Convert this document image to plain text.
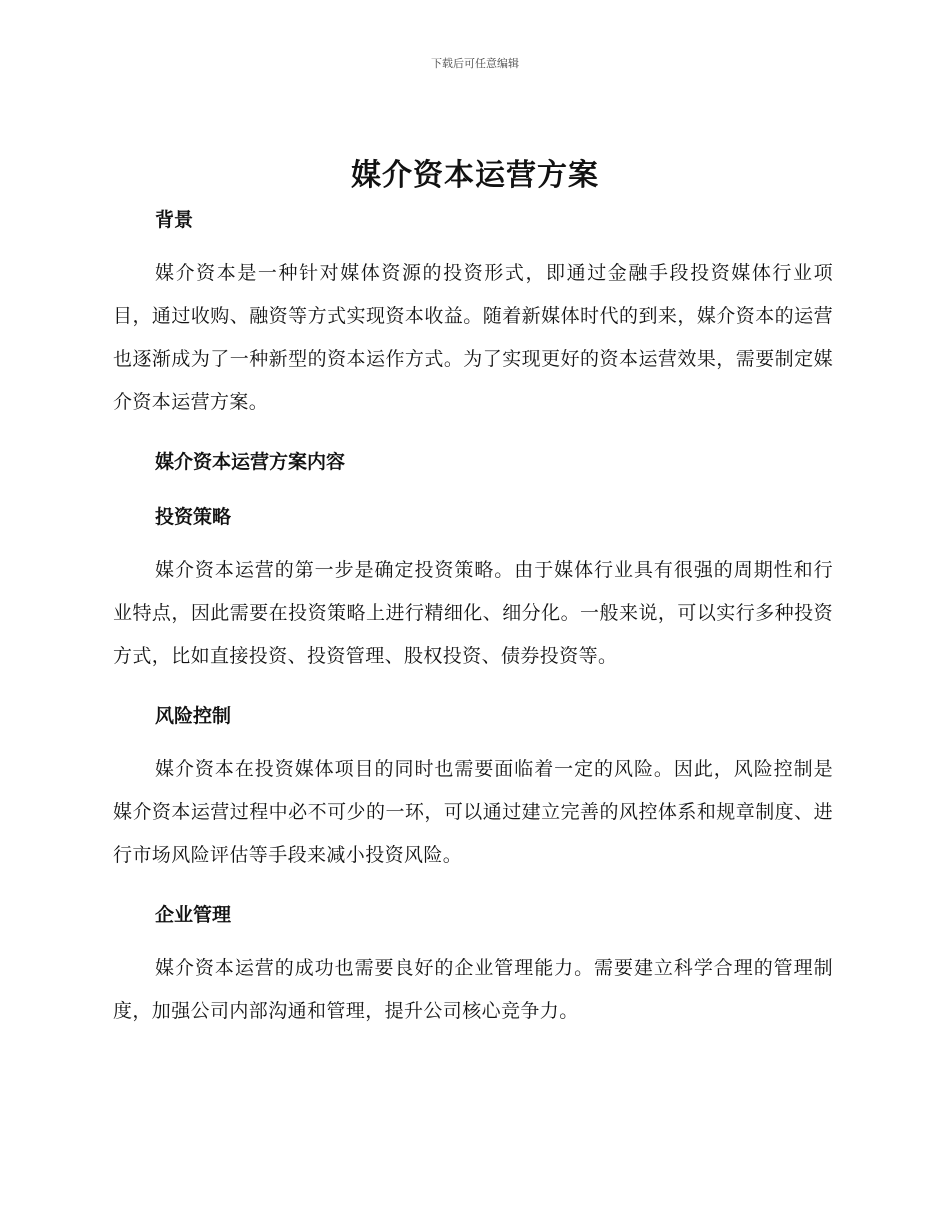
下载后可任意编辑
媒介资本运营方案
背景

媒介资本是一种针对媒体资源的投资形式，即通过金融手段投资媒体行业项目，通过收购、融资等方式实现资本收益。随着新媒体时代的到来，媒介资本的运营也逐渐成为了一种新型的资本运作方式。为了实现更好的资本运营效果，需要制定媒介资本运营方案。

媒介资本运营方案内容
投资策略

媒介资本运营的第一步是确定投资策略。由于媒体行业具有很强的周期性和行业特点，因此需要在投资策略上进行精细化、细分化。一般来说，可以实行多种投资方式，比如直接投资、投资管理、股权投资、债券投资等。

风险控制

媒介资本在投资媒体项目的同时也需要面临着一定的风险。因此，风险控制是媒介资本运营过程中必不可少的一环，可以通过建立完善的风控体系和规章制度、进行市场风险评估等手段来减小投资风险。

企业管理

媒介资本运营的成功也需要良好的企业管理能力。需要建立科学合理的管理制度，加强公司内部沟通和管理，提升公司核心竞争力。
